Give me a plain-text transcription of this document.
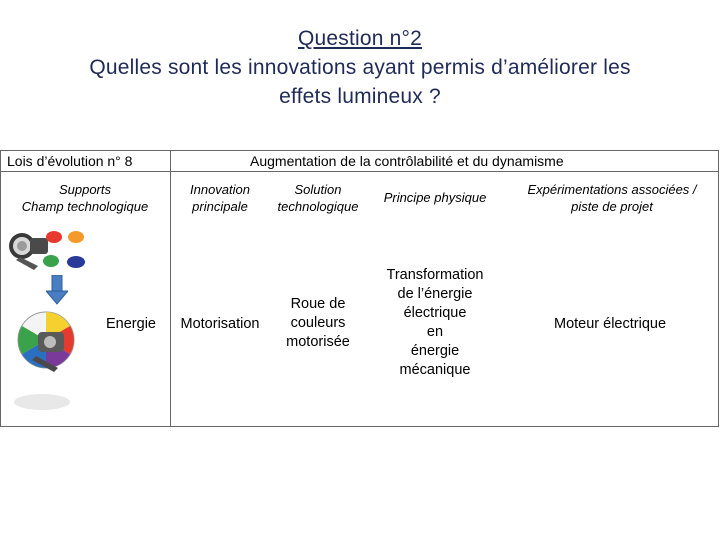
Question n°2
Quelles sont les innovations ayant permis d’améliorer les
effets lumineux ?
Lois d’évolution n° 8	Augmentation de la contrôlabilité et du dynamisme
Supports
Champ technologique
Innovation
principale
Solution
technologique
Principe physique
Expérimentations associées /
piste de projet
Energie	Motorisation
Roue de
couleurs
motorisée
Transformation
de l’énergie
électrique
en
énergie
mécanique
Moteur électrique
